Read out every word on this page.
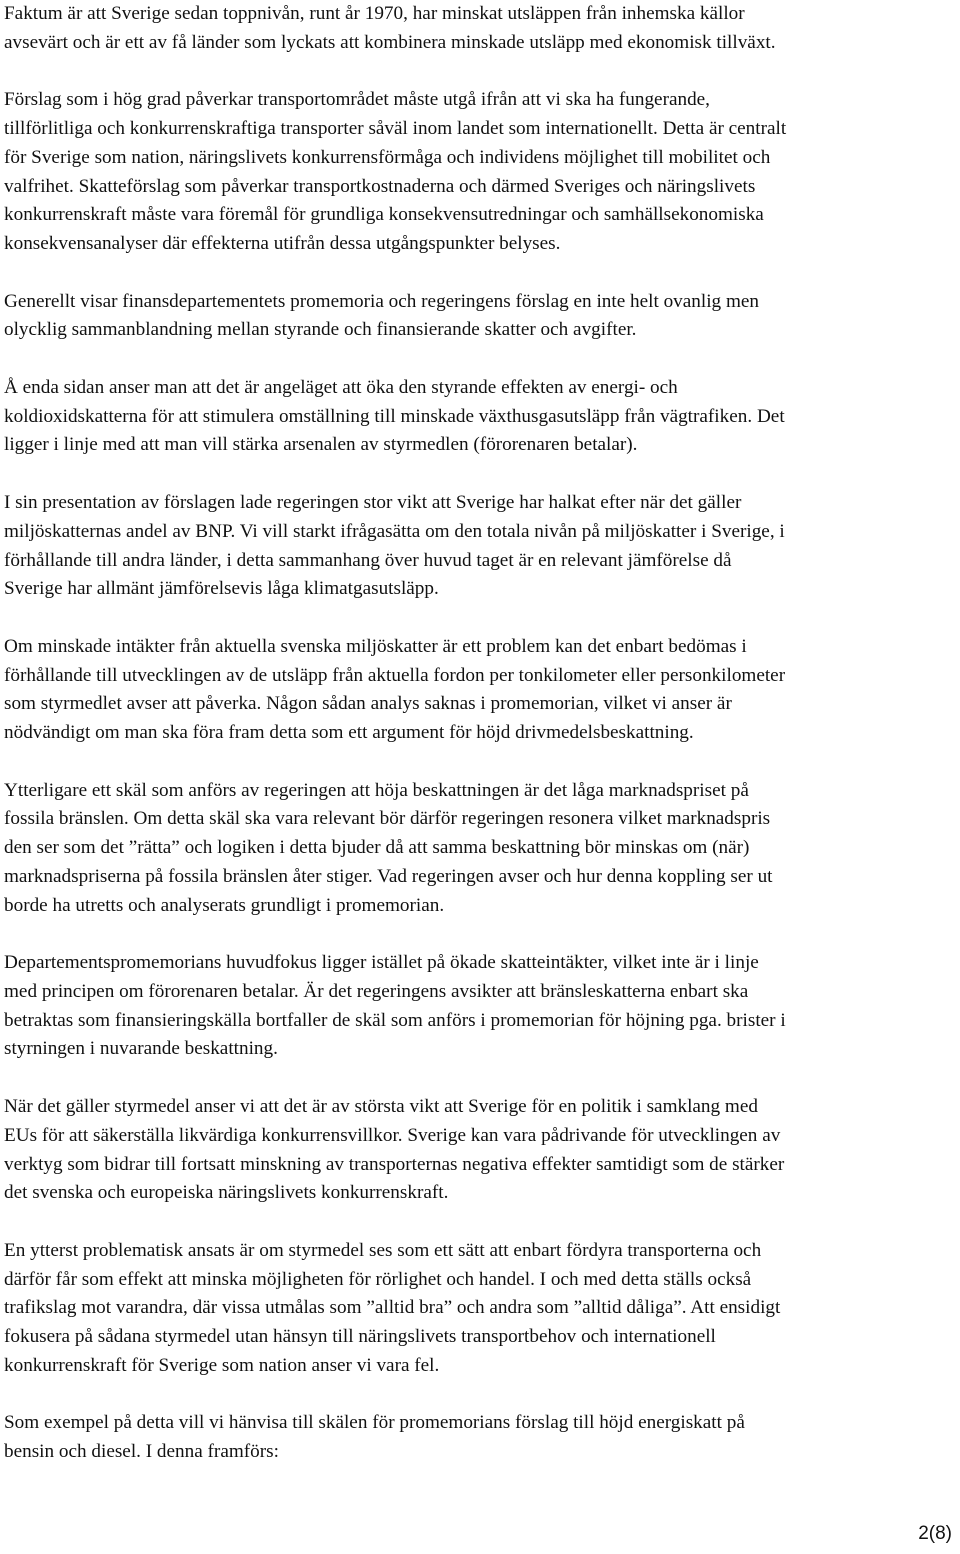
Faktum är att Sverige sedan toppnivån, runt år 1970, har minskat utsläppen från inhemska källor
avsevärt och är ett av få länder som lyckats att kombinera minskade utsläpp med ekonomisk tillväxt.
Förslag som i hög grad påverkar transportområdet måste utgå ifrån att vi ska ha fungerande,
tillförlitliga och konkurrenskraftiga transporter såväl inom landet som internationellt. Detta är centralt
för Sverige som nation, näringslivets konkurrensförmåga och individens möjlighet till mobilitet och
valfrihet. Skatteförslag som påverkar transportkostnaderna och därmed Sveriges och näringslivets
konkurrenskraft måste vara föremål för grundliga konsekvensutredningar och samhällsekonomiska
konsekvensanalyser där effekterna utifrån dessa utgångspunkter belyses.
Generellt visar finansdepartementets promemoria och regeringens förslag en inte helt ovanlig men
olycklig sammanblandning mellan styrande och finansierande skatter och avgifter.
Å enda sidan anser man att det är angeläget att öka den styrande effekten av energi- och
koldioxidskatterna för att stimulera omställning till minskade växthusgasutsläpp från vägtrafiken. Det
ligger i linje med att man vill stärka arsenalen av styrmedlen (förorenaren betalar).
I sin presentation av förslagen lade regeringen stor vikt att Sverige har halkat efter när det gäller
miljöskatternas andel av BNP. Vi vill starkt ifrågasätta om den totala nivån på miljöskatter i Sverige, i
förhållande till andra länder, i detta sammanhang över huvud taget är en relevant jämförelse då
Sverige har allmänt jämförelsevis låga klimatgasutsläpp.
Om minskade intäkter från aktuella svenska miljöskatter är ett problem kan det enbart bedömas i
förhållande till utvecklingen av de utsläpp från aktuella fordon per tonkilometer eller personkilometer
som styrmedlet avser att påverka. Någon sådan analys saknas i promemorian, vilket vi anser är
nödvändigt om man ska föra fram detta som ett argument för höjd drivmedelsbeskattning.
Ytterligare ett skäl som anförs av regeringen att höja beskattningen är det låga marknadspriset på
fossila bränslen. Om detta skäl ska vara relevant bör därför regeringen resonera vilket marknadspris
den ser som det ”rätta” och logiken i detta bjuder då att samma beskattning bör minskas om (när)
marknadspriserna på fossila bränslen åter stiger. Vad regeringen avser och hur denna koppling ser ut
borde ha utretts och analyserats grundligt i promemorian.
Departementspromemorians huvudfokus ligger istället på ökade skatteintäkter, vilket inte är i linje
med principen om förorenaren betalar. Är det regeringens avsikter att bränsleskatterna enbart ska
betraktas som finansieringskälla bortfaller de skäl som anförs i promemorian för höjning pga. brister i
styrningen i nuvarande beskattning.
När det gäller styrmedel anser vi att det är av största vikt att Sverige för en politik i samklang med
EUs för att säkerställa likvärdiga konkurrensvillkor. Sverige kan vara pådrivande för utvecklingen av
verktyg som bidrar till fortsatt minskning av transporternas negativa effekter samtidigt som de stärker
det svenska och europeiska näringslivets konkurrenskraft.
En ytterst problematisk ansats är om styrmedel ses som ett sätt att enbart fördyra transporterna och
därför får som effekt att minska möjligheten för rörlighet och handel. I och med detta ställs också
trafikslag mot varandra, där vissa utmålas som ”alltid bra” och andra som ”alltid dåliga”. Att ensidigt
fokusera på sådana styrmedel utan hänsyn till näringslivets transportbehov och internationell
konkurrenskraft för Sverige som nation anser vi vara fel.
Som exempel på detta vill vi hänvisa till skälen för promemorians förslag till höjd energiskatt på
bensin och diesel. I denna framförs:
2(8)
